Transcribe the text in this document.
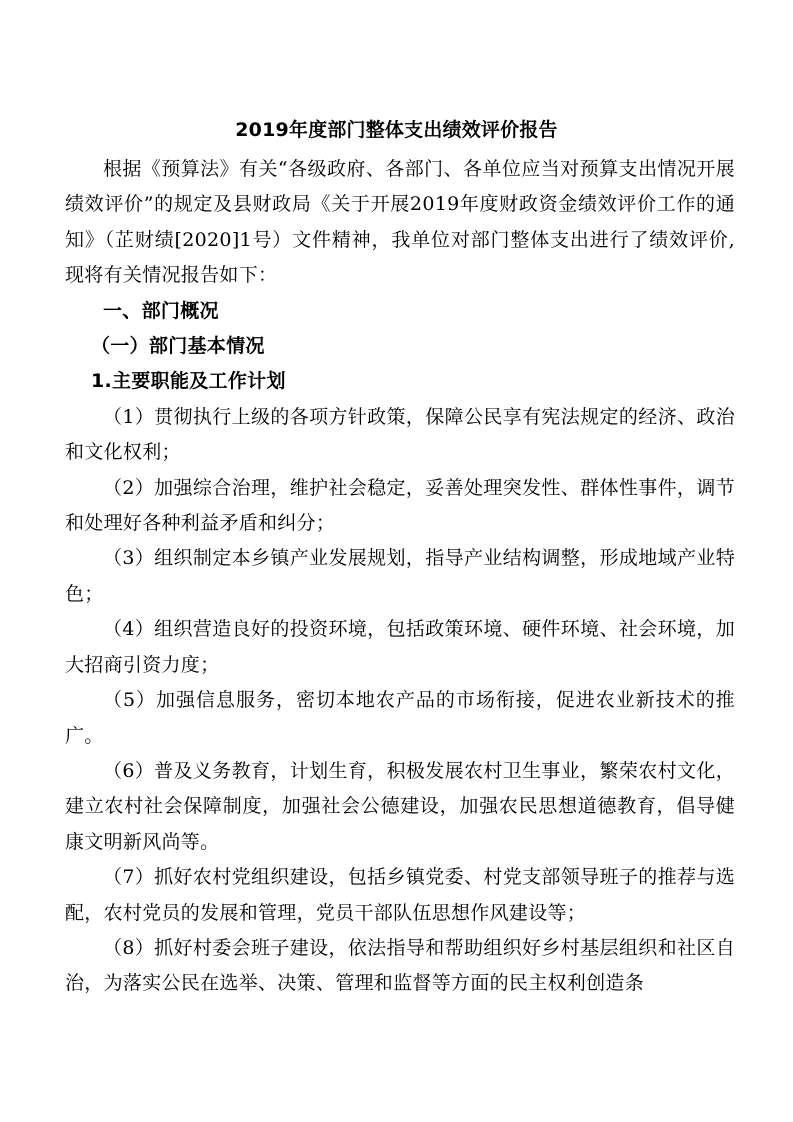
2019年度部门整体支出绩效评价报告

根据《预算法》有关“各级政府、各部门、各单位应当对预算支出情况开展绩效评价”的规定及县财政局《关于开展2019年度财政资金绩效评价工作的通知》（芷财绩[2020]1号）文件精神，我单位对部门整体支出进行了绩效评价,现将有关情况报告如下：

一、部门概况

（一）部门基本情况

1.主要职能及工作计划

（1）贯彻执行上级的各项方针政策，保障公民享有宪法规定的经济、政治和文化权利；

（2）加强综合治理，维护社会稳定，妥善处理突发性、群体性事件，调节和处理好各种利益矛盾和纠分；

（3）组织制定本乡镇产业发展规划，指导产业结构调整，形成地域产业特色；

（4）组织营造良好的投资环境，包括政策环境、硬件环境、社会环境，加大招商引资力度；

（5）加强信息服务，密切本地农产品的市场衔接，促进农业新技术的推广。

（6）普及义务教育，计划生育，积极发展农村卫生事业，繁荣农村文化，建立农村社会保障制度，加强社会公德建设，加强农民思想道德教育，倡导健康文明新风尚等。

（7）抓好农村党组织建设，包括乡镇党委、村党支部领导班子的推荐与选配，农村党员的发展和管理，党员干部队伍思想作风建设等；

（8）抓好村委会班子建设，依法指导和帮助组织好乡村基层组织和社区自治，为落实公民在选举、决策、管理和监督等方面的民主权利创造条
